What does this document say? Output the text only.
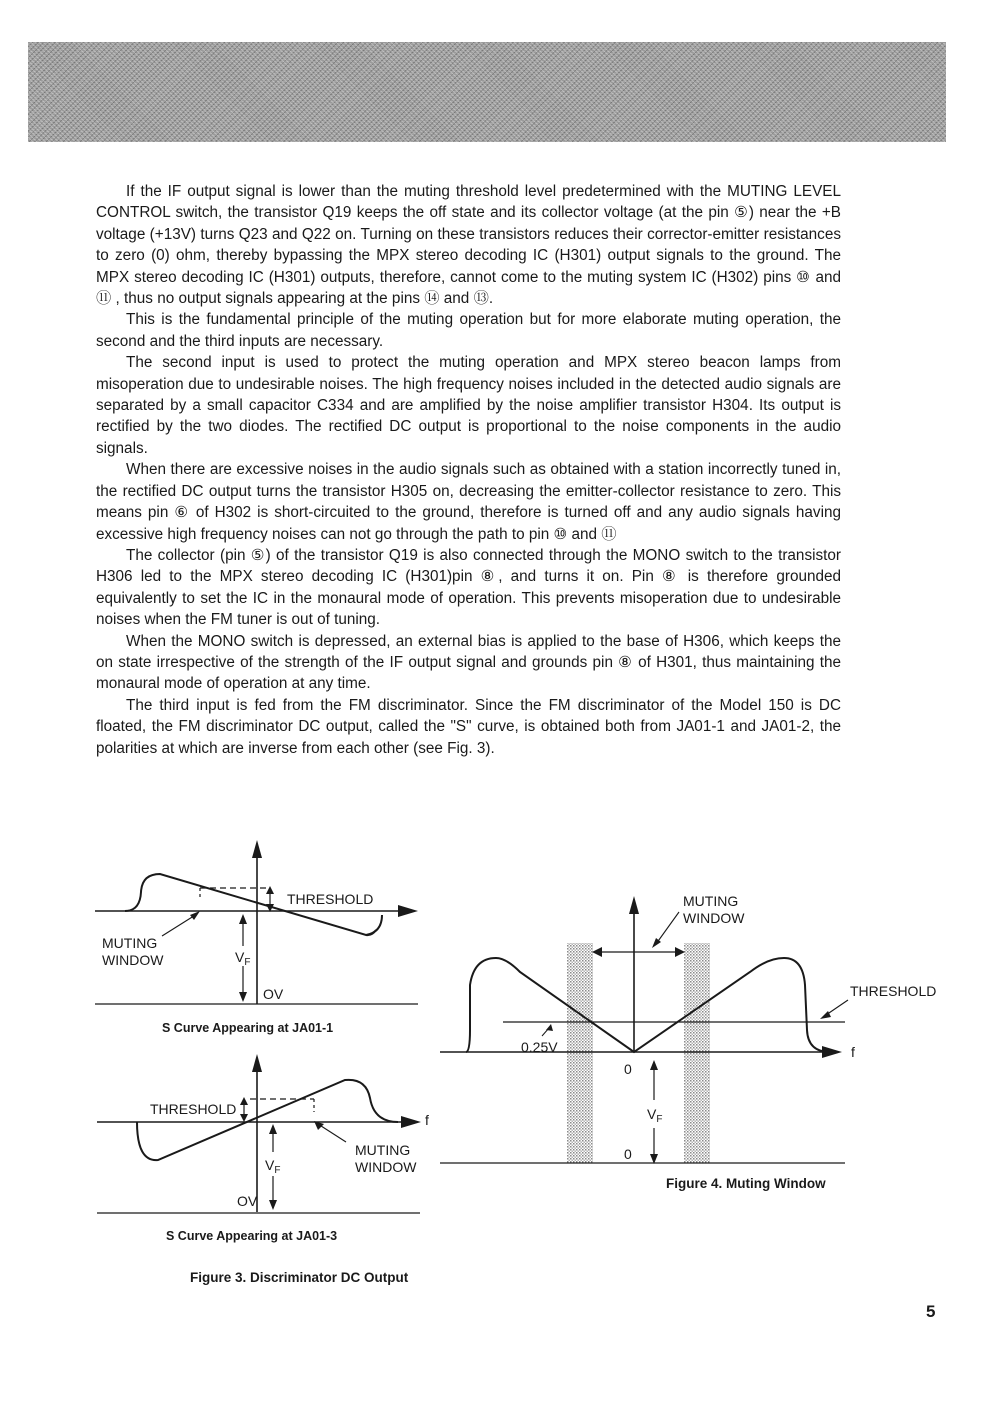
If the IF output signal is lower than the muting threshold level predetermined with the MUTING LEVEL CONTROL switch, the transistor Q19 keeps the off state and its collector voltage (at the pin ⑤) near the +B voltage (+13V) turns Q23 and Q22 on. Turning on these transistors reduces their corrector-emitter resistances to zero (0) ohm, thereby bypassing the MPX stereo decoding IC (H301) output signals to the ground. The MPX stereo decoding IC (H301) outputs, therefore, cannot come to the muting system IC (H302) pins ⑩ and ⑪ , thus no output signals appearing at the pins ⑭ and ⑬.

This is the fundamental principle of the muting operation but for more elaborate muting operation, the second and the third inputs are necessary.

The second input is used to protect the muting operation and MPX stereo beacon lamps from misoperation due to undesirable noises. The high frequency noises included in the detected audio signals are separated by a small capacitor C334 and are amplified by the noise amplifier transistor H304. Its output is rectified by the two diodes. The rectified DC output is proportional to the noise components in the audio signals.

When there are excessive noises in the audio signals such as obtained with a station incorrectly tuned in, the rectified DC output turns the transistor H305 on, decreasing the emitter-collector resistance to zero. This means pin ⑥ of H302 is short-circuited to the ground, therefore is turned off and any audio signals having excessive high frequency noises can not go through the path to pin ⑩ and ⑪

The collector (pin ⑤) of the transistor Q19 is also connected through the MONO switch to the transistor H306 led to the MPX stereo decoding IC (H301)pin ⑧, and turns it on. Pin ⑧ is therefore grounded equivalently to set the IC in the monaural mode of operation. This prevents misoperation due to undesirable noises when the FM tuner is out of tuning.

When the MONO switch is depressed, an external bias is applied to the base of H306, which keeps the on state irrespective of the strength of the IF output signal and grounds pin ⑧ of H301, thus maintaining the monaural mode of operation at any time.

The third input is fed from the FM discriminator. Since the FM discriminator of the Model 150 is DC floated, the FM discriminator DC output, called the "S" curve, is obtained both from JA01-1 and JA01-2, the polarities at which are inverse from each other (see Fig. 3).

THRESHOLD
MUTING
WINDOW	$V_F$
OV
S Curve Appearing at JA01-1
THRESHOLD
f
MUTING
WINDOW
$V_F$
OV
S Curve Appearing at JA01-3
Figure 3. Discriminator DC Output
MUTING
WINDOW
THRESHOLD
0.25V	f
0
0
$V_F$
Figure 4. Muting Window
5
